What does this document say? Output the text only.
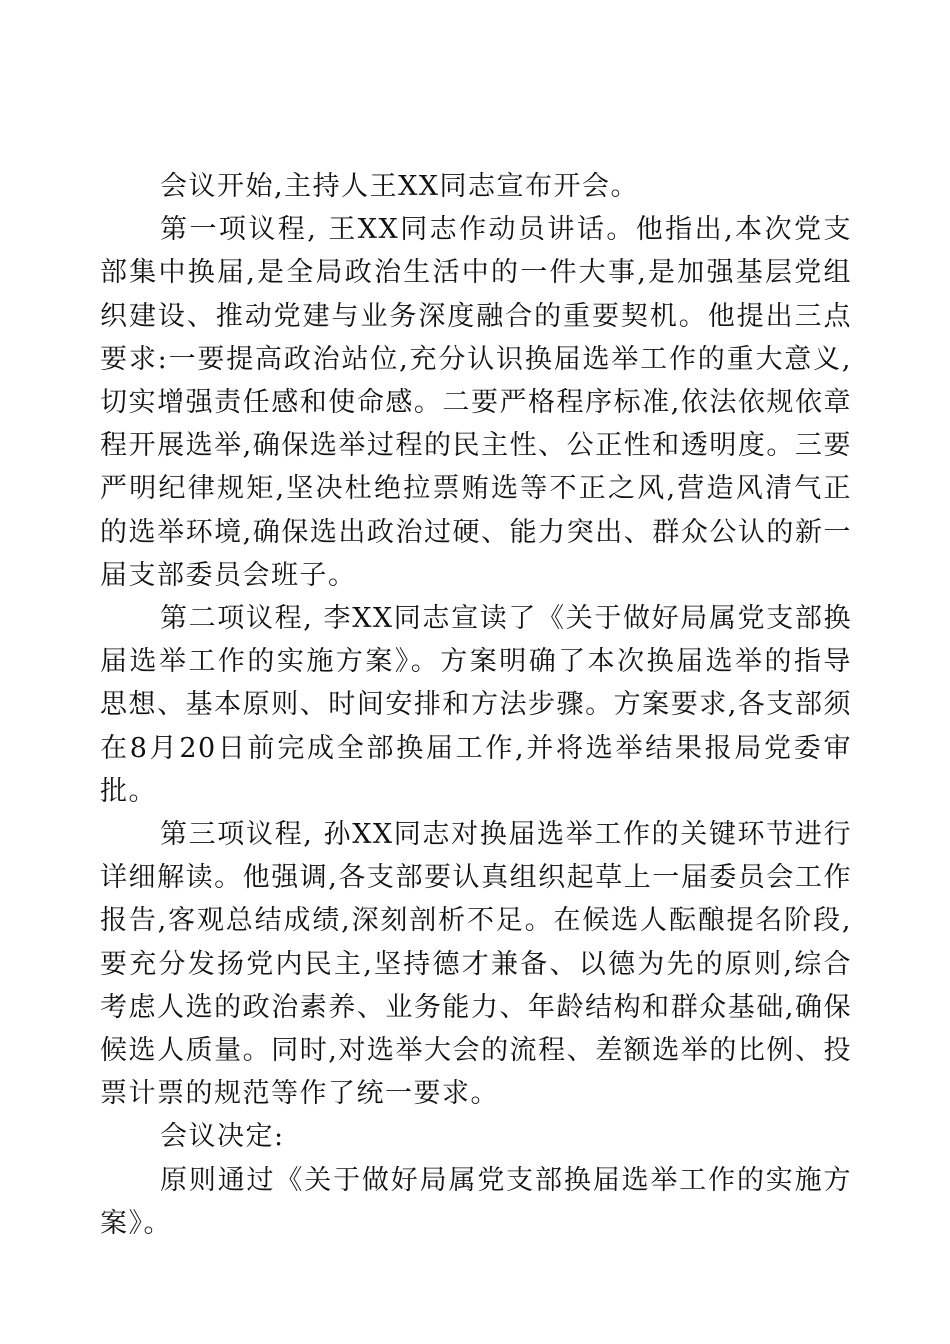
会议开始,主持人王XX同志宣布开会。

第一项议程, 王XX同志作动员讲话。他指出,本次党支部集中换届,是全局政治生活中的一件大事,是加强基层党组织建设、推动党建与业务深度融合的重要契机。他提出三点要求:一要提高政治站位,充分认识换届选举工作的重大意义,切实增强责任感和使命感。二要严格程序标准,依法依规依章程开展选举,确保选举过程的民主性、公正性和透明度。三要严明纪律规矩,坚决杜绝拉票贿选等不正之风,营造风清气正的选举环境,确保选出政治过硬、能力突出、群众公认的新一届支部委员会班子。

第二项议程, 李XX同志宣读了《关于做好局属党支部换届选举工作的实施方案》。方案明确了本次换届选举的指导思想、基本原则、时间安排和方法步骤。方案要求,各支部须在8月20日前完成全部换届工作,并将选举结果报局党委审批。

第三项议程, 孙XX同志对换届选举工作的关键环节进行详细解读。他强调,各支部要认真组织起草上一届委员会工作报告,客观总结成绩,深刻剖析不足。在候选人酝酿提名阶段,要充分发扬党内民主,坚持德才兼备、以德为先的原则,综合考虑人选的政治素养、业务能力、年龄结构和群众基础,确保候选人质量。同时,对选举大会的流程、差额选举的比例、投票计票的规范等作了统一要求。

会议决定:

原则通过《关于做好局属党支部换届选举工作的实施方案》。
